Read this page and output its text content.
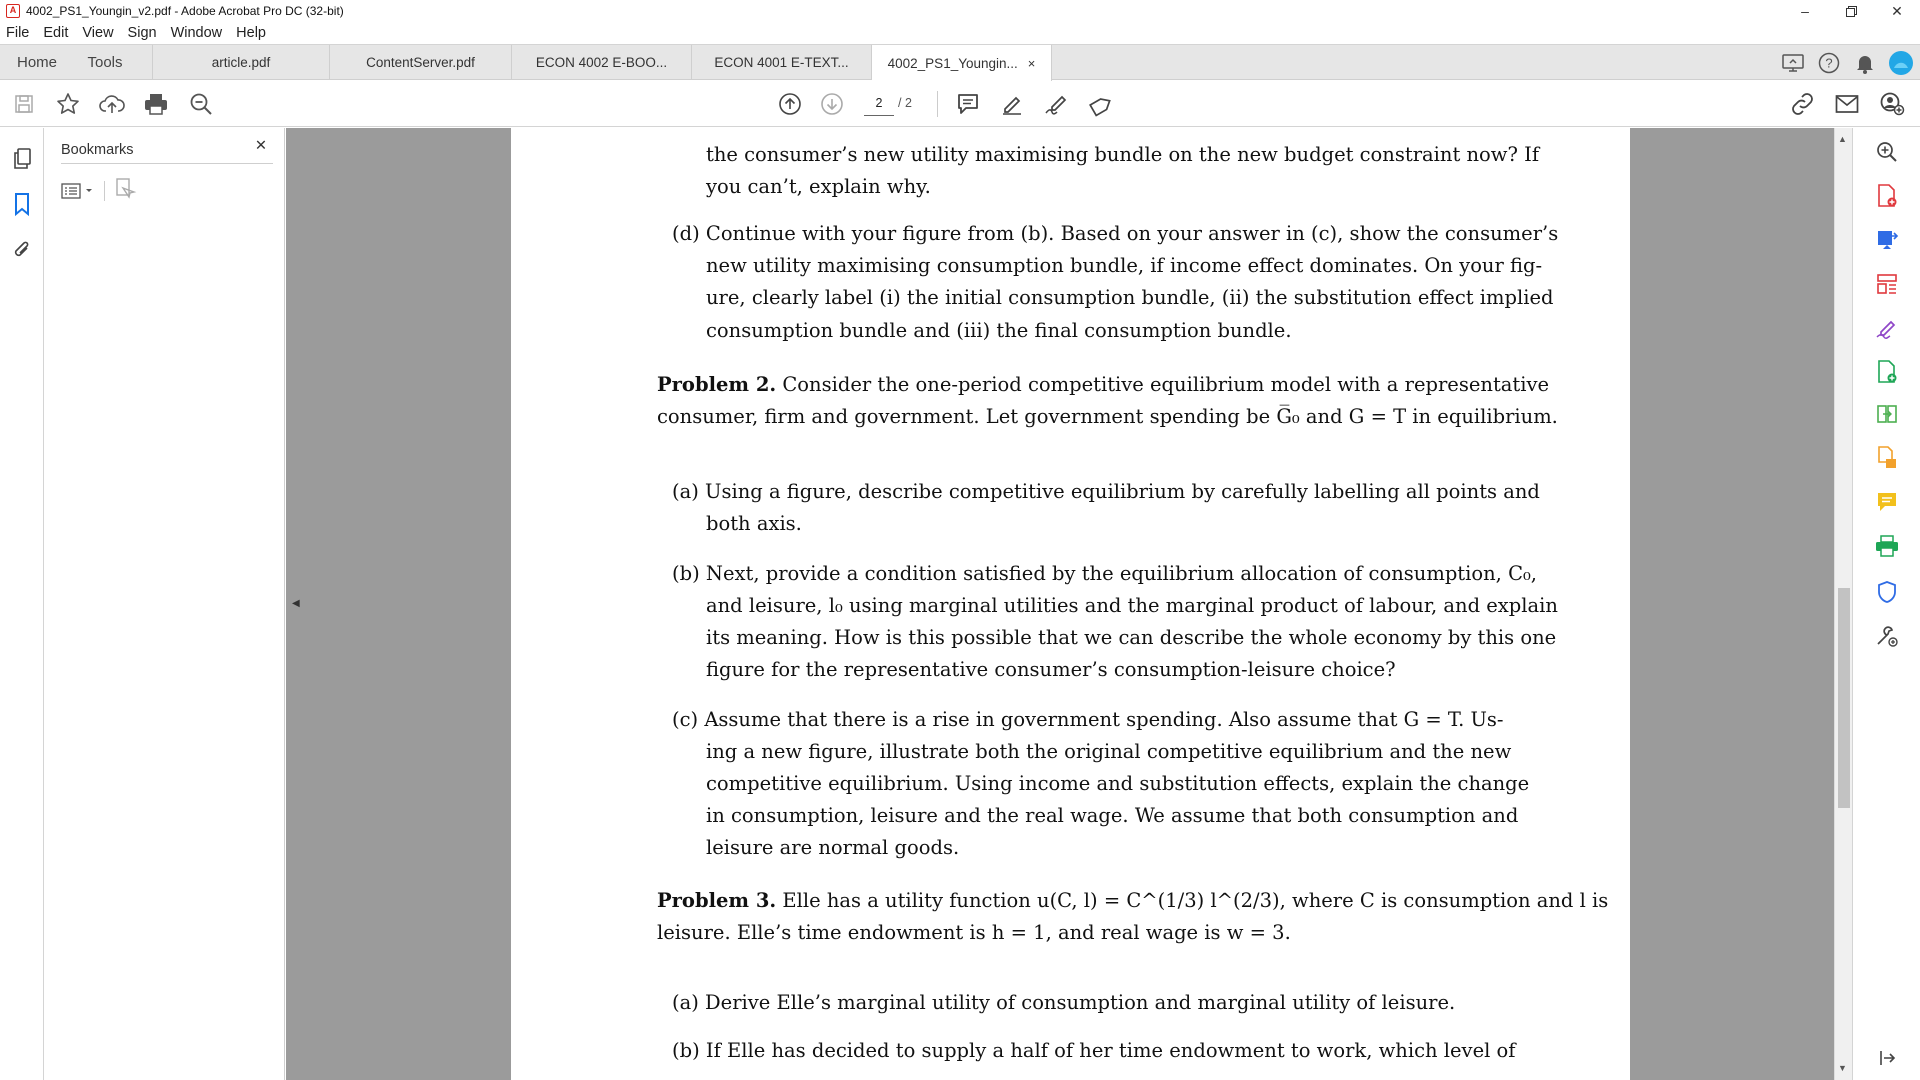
A 4002_PS1_Youngin_v2.pdf - Adobe Acrobat Pro DC (32-bit)	–	✕
File Edit View Sign Window Help
Home	Tools	article.pdf	ContentServer.pdf	ECON 4002 E-BOO...	ECON 4001 E-TEXT...	4002_PS1_Youngin... ×	?
2	/ 2
Bookmarks	✕
◀
the consumer’s new utility maximising bundle on the new budget constraint now? If
you can’t, explain why.
(d) Continue with your figure from (b). Based on your answer in (c), show the consumer’s
new utility maximising consumption bundle, if income effect dominates. On your fig-
ure, clearly label (i) the initial consumption bundle, (ii) the substitution effect implied
consumption bundle and (iii) the final consumption bundle.
Problem 2. Consider the one-period competitive equilibrium model with a representative
consumer, firm and government. Let government spending be G̅₀ and G = T in equilibrium.
(a) Using a figure, describe competitive equilibrium by carefully labelling all points and
both axis.
(b) Next, provide a condition satisfied by the equilibrium allocation of consumption, C₀,
and leisure, l₀ using marginal utilities and the marginal product of labour, and explain
its meaning. How is this possible that we can describe the whole economy by this one
figure for the representative consumer’s consumption-leisure choice?
(c) Assume that there is a rise in government spending. Also assume that G = T. Us-
ing a new figure, illustrate both the original competitive equilibrium and the new
competitive equilibrium. Using income and substitution effects, explain the change
in consumption, leisure and the real wage. We assume that both consumption and
leisure are normal goods.
Problem 3. Elle has a utility function u(C, l) = C^(1/3) l^(2/3), where C is consumption and l is
leisure. Elle’s time endowment is h = 1, and real wage is w = 3.
(a) Derive Elle’s marginal utility of consumption and marginal utility of leisure.
(b) If Elle has decided to supply a half of her time endowment to work, which level of
▲
▼
